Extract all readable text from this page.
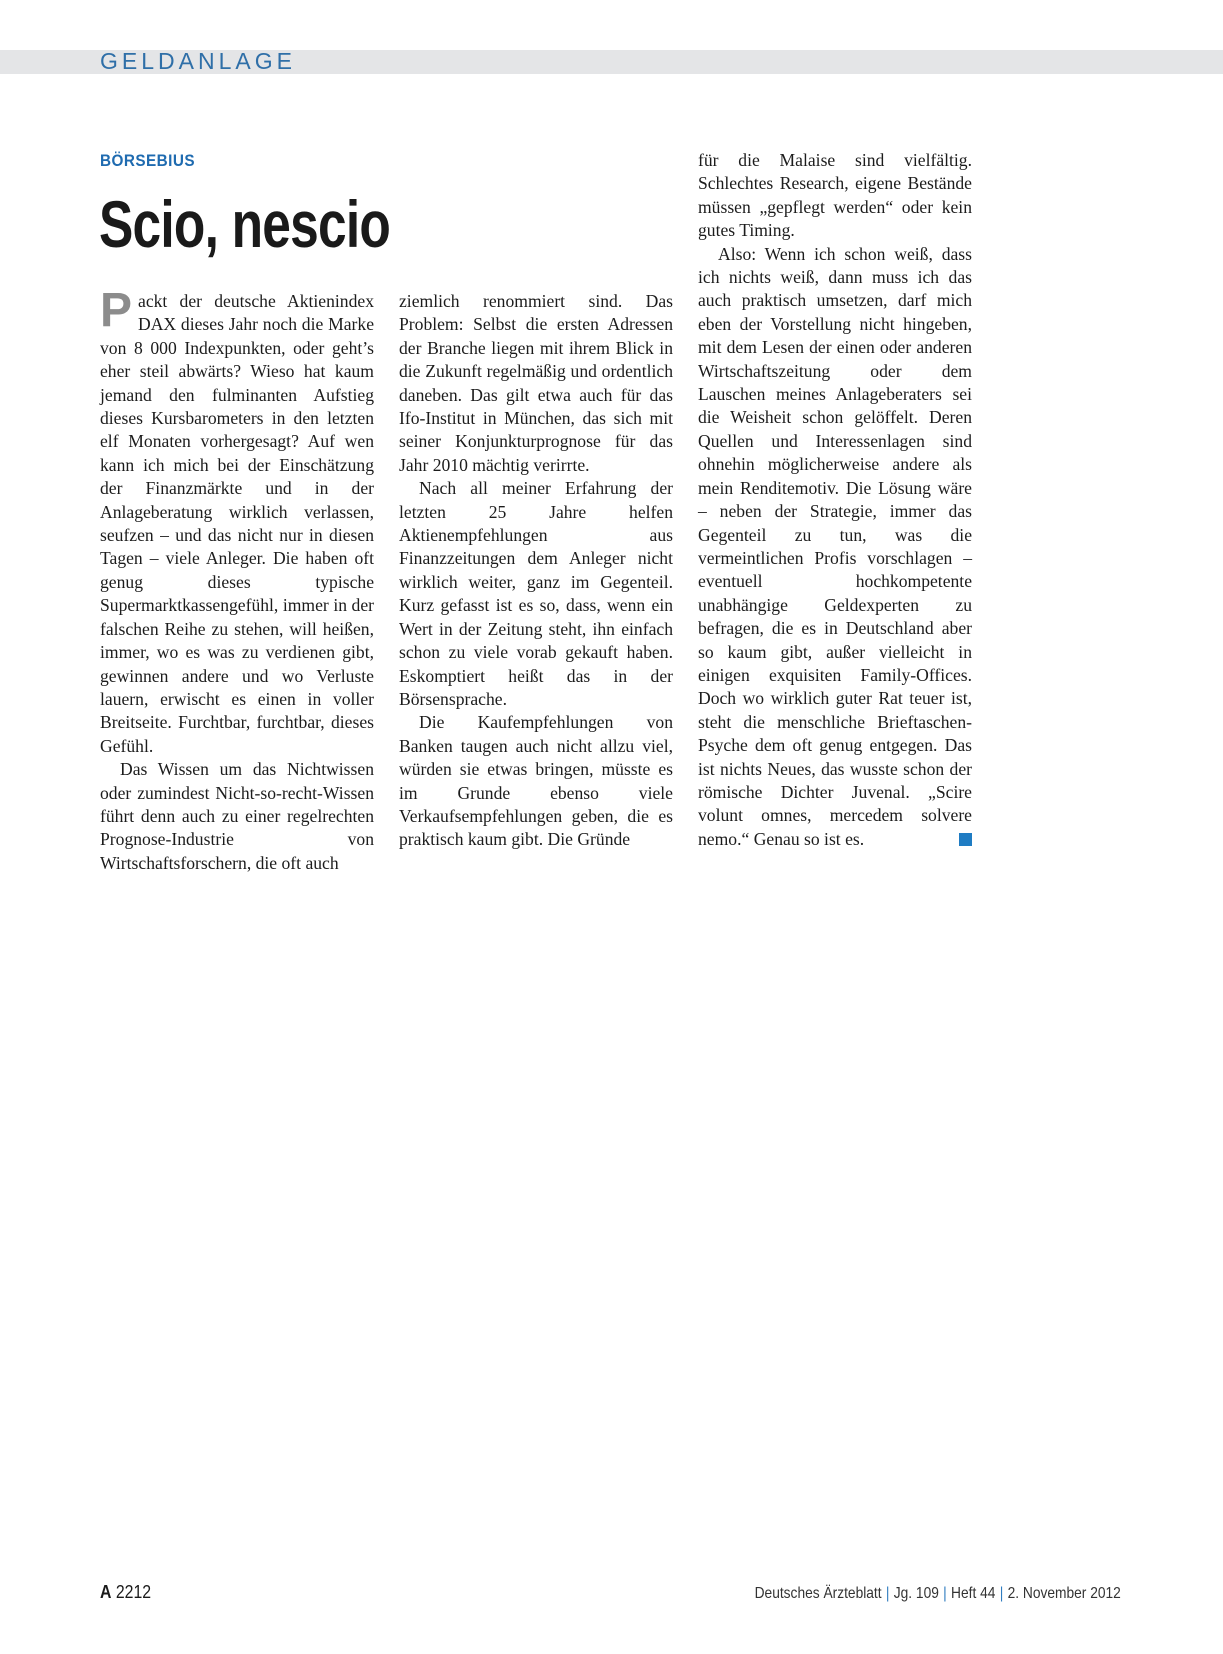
GELDANLAGE
BÖRSEBIUS
Scio, nescio

Packt der deutsche Aktienindex DAX dieses Jahr noch die Marke von 8 000 Indexpunkten, oder geht’s eher steil abwärts? Wieso hat kaum jemand den fulminanten Aufstieg dieses Kursbarometers in den letzten elf Monaten vorhergesagt? Auf wen kann ich mich bei der Einschätzung der Finanzmärkte und in der Anlageberatung wirklich verlassen, seufzen – und das nicht nur in diesen Tagen – viele Anleger. Die haben oft genug dieses typische Supermarktkassengefühl, immer in der falschen Reihe zu stehen, will heißen, immer, wo es was zu verdienen gibt, gewinnen andere und wo Verluste lauern, erwischt es einen in voller Breitseite. Furchtbar, furchtbar, dieses Gefühl.

Das Wissen um das Nichtwissen oder zumindest Nicht-so-recht-Wissen führt denn auch zu einer regelrechten Prognose-Industrie von Wirtschaftsforschern, die oft auch

ziemlich renommiert sind. Das Problem: Selbst die ersten Adressen der Branche liegen mit ihrem Blick in die Zukunft regelmäßig und ordentlich daneben. Das gilt etwa auch für das Ifo-Institut in München, das sich mit seiner Konjunkturprognose für das Jahr 2010 mächtig verirrte.

Nach all meiner Erfahrung der letzten 25 Jahre helfen Aktienempfehlungen aus Finanzzeitungen dem Anleger nicht wirklich weiter, ganz im Gegenteil. Kurz gefasst ist es so, dass, wenn ein Wert in der Zeitung steht, ihn einfach schon zu viele vorab gekauft haben. Eskomptiert heißt das in der Börsensprache.

Die Kaufempfehlungen von Banken taugen auch nicht allzu viel, würden sie etwas bringen, müsste es im Grunde ebenso viele Verkaufsempfehlungen geben, die es praktisch kaum gibt. Die Gründe

für die Malaise sind vielfältig. Schlechtes Research, eigene Bestände müssen „gepflegt werden“ oder kein gutes Timing.

Also: Wenn ich schon weiß, dass ich nichts weiß, dann muss ich das auch praktisch umsetzen, darf mich eben der Vorstellung nicht hingeben, mit dem Lesen der einen oder anderen Wirtschaftszeitung oder dem Lauschen meines Anlageberaters sei die Weisheit schon gelöffelt. Deren Quellen und Interessenlagen sind ohnehin möglicherweise andere als mein Renditemotiv. Die Lösung wäre – neben der Strategie, immer das Gegenteil zu tun, was die vermeintlichen Profis vorschlagen – eventuell hochkompetente unabhängige Geldexperten zu befragen, die es in Deutschland aber so kaum gibt, außer vielleicht in einigen exquisiten Family-Offices. Doch wo wirklich guter Rat teuer ist, steht die menschliche Brieftaschen-Psyche dem oft genug entgegen. Das ist nichts Neues, das wusste schon der römische Dichter Juvenal. „Scire volunt omnes, mercedem solvere nemo.“ Genau so ist es.

A 2212	Deutsches Ärzteblatt | Jg. 109 | Heft 44 | 2. November 2012
